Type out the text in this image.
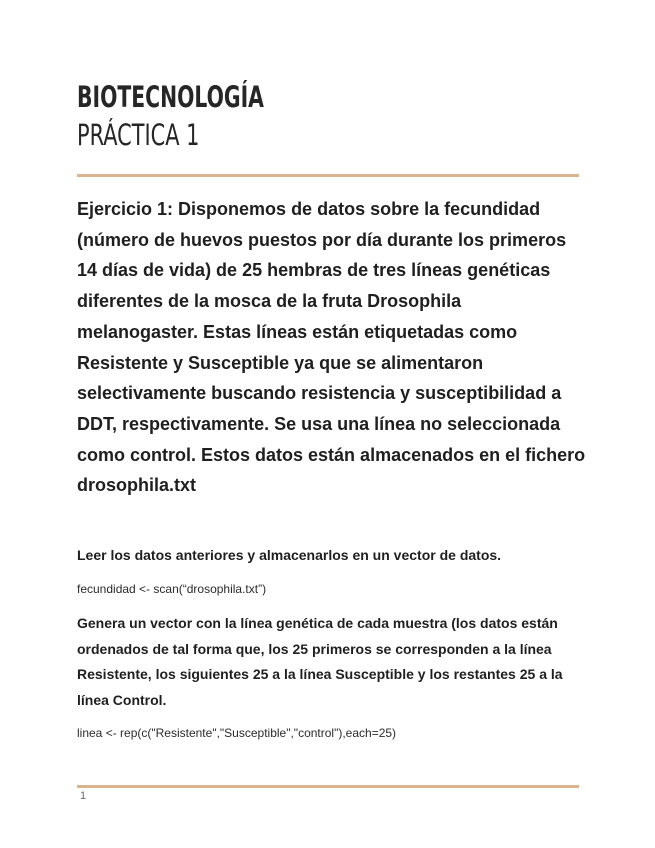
BIOTECNOLOGÍA
PRÁCTICA 1

Ejercicio 1: Disponemos de datos sobre la fecundidad (número de huevos puestos por día durante los primeros 14 días de vida) de 25 hembras de tres líneas genéticas diferentes de la mosca de la fruta Drosophila melanogaster. Estas líneas están etiquetadas como Resistente y Susceptible ya que se alimentaron selectivamente buscando resistencia y susceptibilidad a DDT, respectivamente. Se usa una línea no seleccionada como control. Estos datos están almacenados en el fichero drosophila.txt

Leer los datos anteriores y almacenarlos en un vector de datos.

fecundidad <- scan(“drosophila.txt”)

Genera un vector con la línea genética de cada muestra (los datos están ordenados de tal forma que, los 25 primeros se corresponden a la línea Resistente, los siguientes 25 a la línea Susceptible y los restantes 25 a la línea Control.

linea <- rep(c("Resistente","Susceptible","control"),each=25)

1
